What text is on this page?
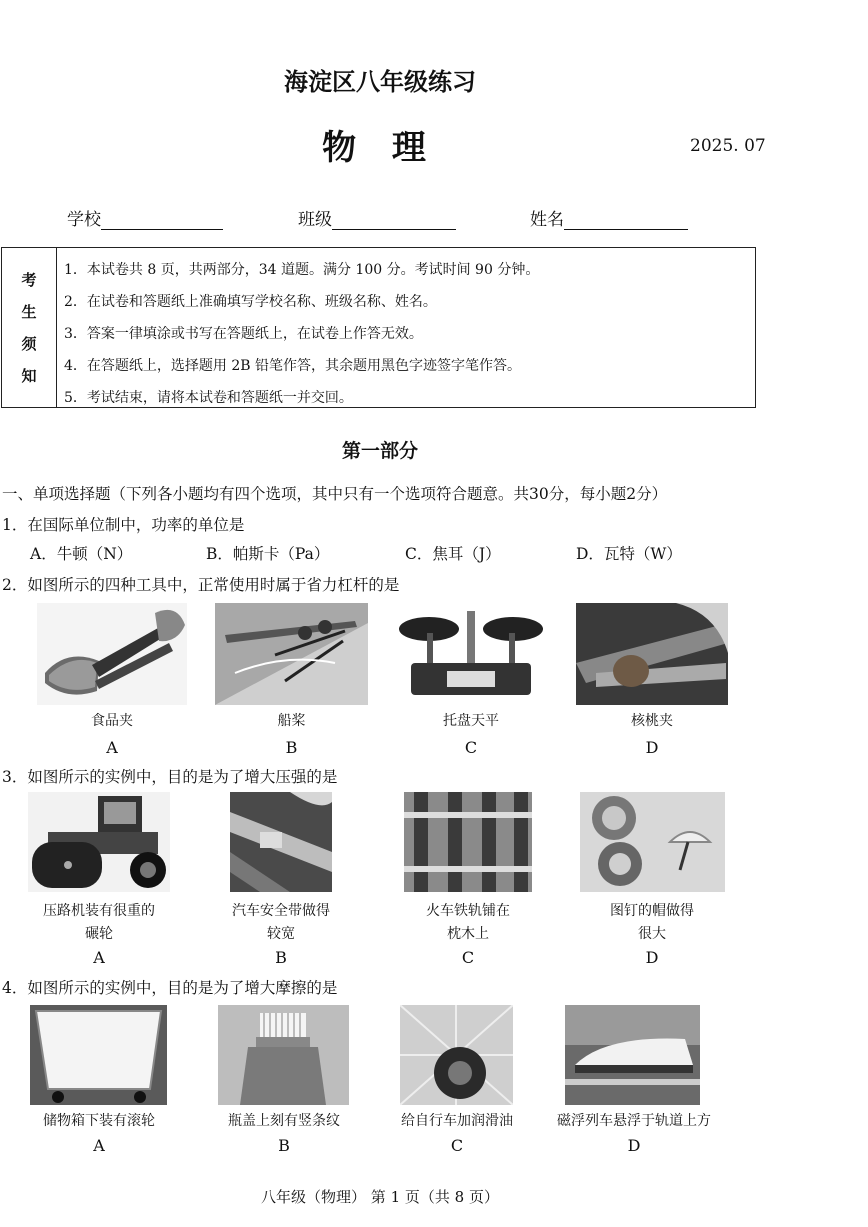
海淀区八年级练习
物 理	2025. 07
学校	班级	姓名
考
生
须
知
1．本试卷共 8 页，共两部分，34 道题。满分 100 分。考试时间 90 分钟。
2．在试卷和答题纸上准确填写学校名称、班级名称、姓名。
3．答案一律填涂或书写在答题纸上，在试卷上作答无效。
4．在答题纸上，选择题用 2B 铅笔作答，其余题用黑色字迹签字笔作答。
5．考试结束，请将本试卷和答题纸一并交回。
第一部分
一、单项选择题（下列各小题均有四个选项，其中只有一个选项符合题意。共30分，每小题2分）
1．在国际单位制中，功率的单位是
A．牛顿（N）	B．帕斯卡（Pa）	C．焦耳（J）	D．瓦特（W）
2．如图所示的四种工具中，正常使用时属于省力杠杆的是
食品夹	船桨	托盘天平	核桃夹
A	B	C	D
3．如图所示的实例中，目的是为了增大压强的是
压路机装有很重的
碾轮
汽车安全带做得
较宽
火车铁轨铺在
枕木上
图钉的帽做得
很大
A	B	C	D
4．如图所示的实例中，目的是为了增大摩擦的是
储物箱下装有滚轮	瓶盖上刻有竖条纹	给自行车加润滑油	磁浮列车悬浮于轨道上方
A	B	C	D
八年级（物理） 第 1 页（共 8 页）
